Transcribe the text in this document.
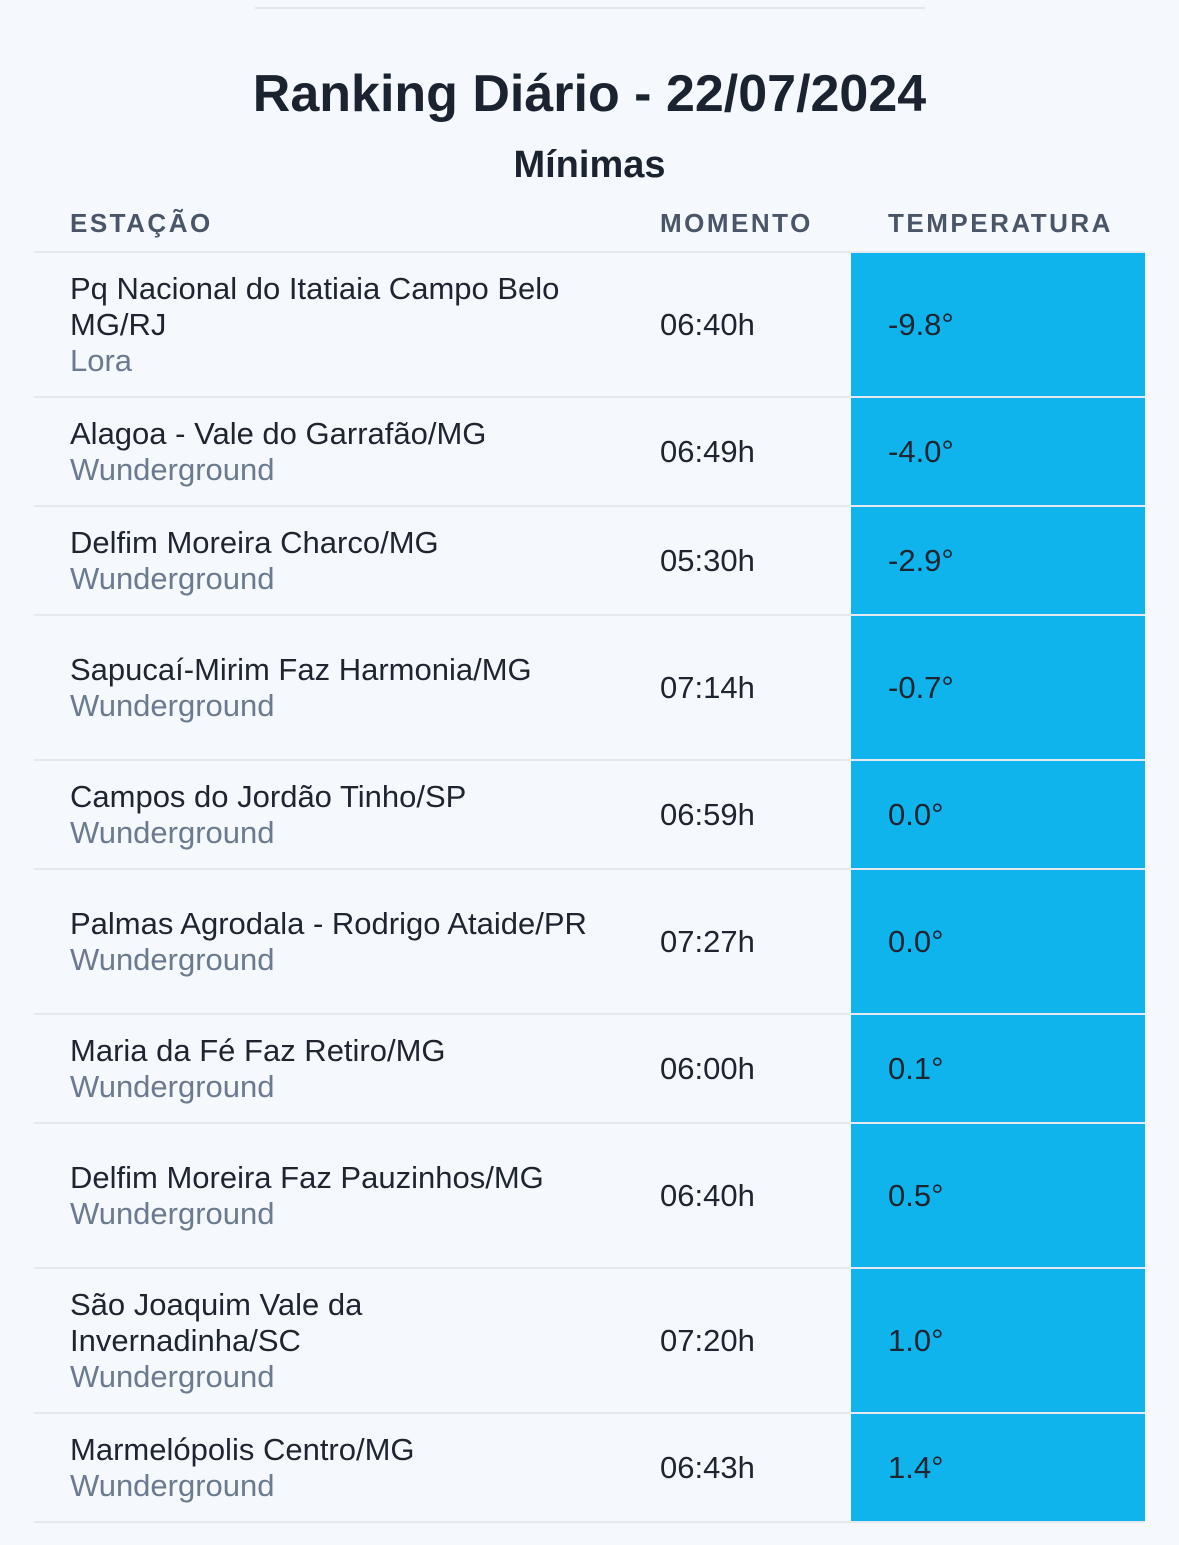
Ranking Diário - 22/07/2024
Mínimas
ESTAÇÃO	MOMENTO	TEMPERATURA
Pq Nacional do Itatiaia Campo Belo MG/RJ
Lora
06:40h	-9.8°
Alagoa - Vale do Garrafão/MG
Wunderground
06:49h	-4.0°
Delfim Moreira Charco/MG
Wunderground
05:30h	-2.9°
Sapucaí-Mirim Faz Harmonia/MG
Wunderground
07:14h	-0.7°
Campos do Jordão Tinho/SP
Wunderground
06:59h	0.0°
Palmas Agrodala - Rodrigo Ataide/PR
Wunderground
07:27h	0.0°
Maria da Fé Faz Retiro/MG
Wunderground
06:00h	0.1°
Delfim Moreira Faz Pauzinhos/MG
Wunderground
06:40h	0.5°
São Joaquim Vale da Invernadinha/SC
Wunderground
07:20h	1.0°
Marmelópolis Centro/MG
Wunderground
06:43h	1.4°
